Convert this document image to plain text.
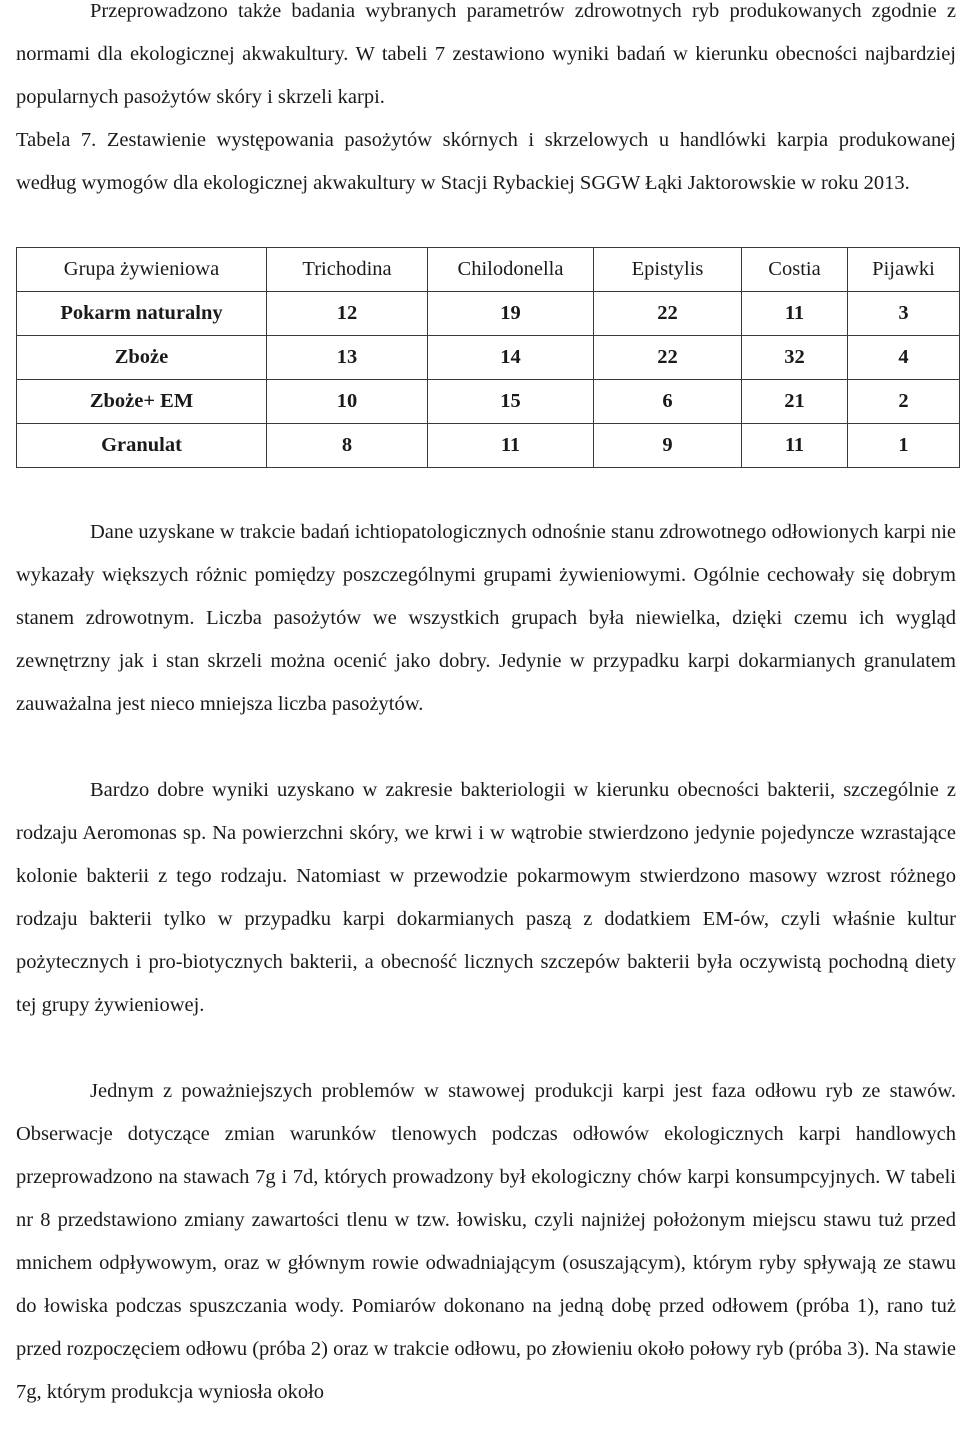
Przeprowadzono także badania wybranych parametrów zdrowotnych ryb produkowanych zgodnie z normami dla ekologicznej akwakultury. W tabeli 7 zestawiono wyniki badań w kierunku obecności najbardziej popularnych pasożytów skóry i skrzeli karpi.

Tabela 7. Zestawienie występowania pasożytów skórnych i skrzelowych u handlówki karpia produkowanej według wymogów dla ekologicznej akwakultury w Stacji Rybackiej SGGW Łąki Jaktorowskie w roku 2013.

Grupa żywieniowa	Trichodina	Chilodonella	Epistylis	Costia	Pijawki
Pokarm naturalny	12	19	22	11	3
Zboże	13	14	22	32	4
Zboże+ EM	10	15	6	21	2
Granulat	8	11	9	11	1

Dane uzyskane w trakcie badań ichtiopatologicznych odnośnie stanu zdrowotnego odłowionych karpi nie wykazały większych różnic pomiędzy poszczególnymi grupami żywieniowymi. Ogólnie cechowały się dobrym stanem zdrowotnym. Liczba pasożytów we wszystkich grupach była niewielka, dzięki czemu ich wygląd zewnętrzny jak i stan skrzeli można ocenić jako dobry. Jedynie w przypadku karpi dokarmianych granulatem zauważalna jest nieco mniejsza liczba pasożytów.

Bardzo dobre wyniki uzyskano w zakresie bakteriologii w kierunku obecności bakterii, szczególnie z rodzaju Aeromonas sp. Na powierzchni skóry, we krwi i w wątrobie stwierdzono jedynie pojedyncze wzrastające kolonie bakterii z tego rodzaju. Natomiast w przewodzie pokarmowym stwierdzono masowy wzrost różnego rodzaju bakterii tylko w przypadku karpi dokarmianych paszą z dodatkiem EM-ów, czyli właśnie kultur pożytecznych i pro-biotycznych bakterii, a obecność licznych szczepów bakterii była oczywistą pochodną diety tej grupy żywieniowej.

Jednym z poważniejszych problemów w stawowej produkcji karpi jest faza odłowu ryb ze stawów. Obserwacje dotyczące zmian warunków tlenowych podczas odłowów ekologicznych karpi handlowych przeprowadzono na stawach 7g i 7d, których prowadzony był ekologiczny chów karpi konsumpcyjnych. W tabeli nr 8 przedstawiono zmiany zawartości tlenu w tzw. łowisku, czyli najniżej położonym miejscu stawu tuż przed mnichem odpływowym, oraz w głównym rowie odwadniającym (osuszającym), którym ryby spływają ze stawu do łowiska podczas spuszczania wody. Pomiarów dokonano na jedną dobę przed odłowem (próba 1), rano tuż przed rozpoczęciem odłowu (próba 2) oraz w trakcie odłowu, po złowieniu około połowy ryb (próba 3). Na stawie 7g, którym produkcja wyniosła około
